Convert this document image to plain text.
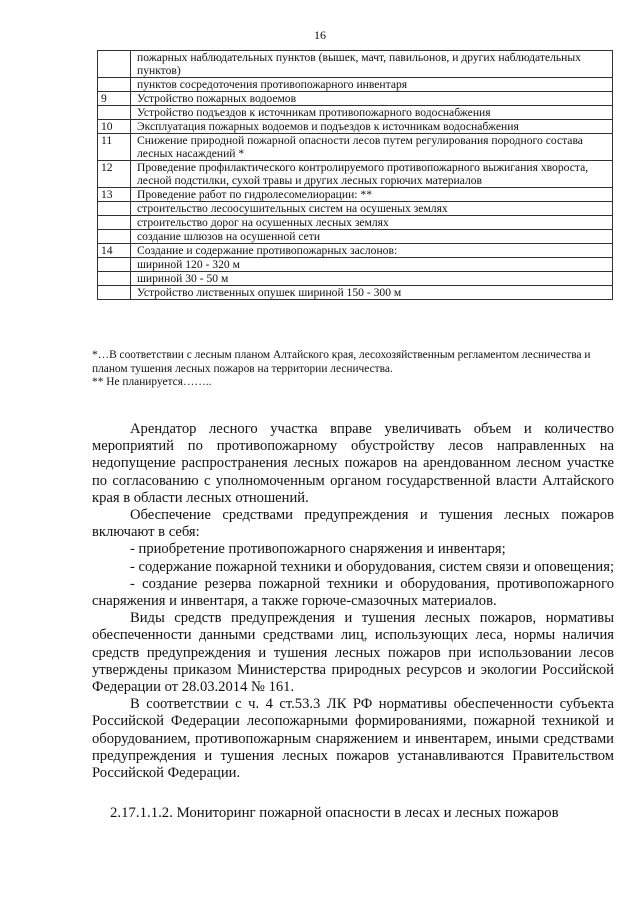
16
	пожарных наблюдательных пунктов (вышек, мачт, павильонов, и других наблюдательных пунктов)
	пунктов сосредоточения противопожарного инвентаря
9	Устройство пожарных водоемов
	Устройство подъездов к источникам противопожарного водоснабжения
10	Эксплуатация пожарных водоемов и подъездов к источникам водоснабжения
11	Снижение природной пожарной опасности лесов путем регулирования породного состава лесных насаждений *
12	Проведение профилактического контролируемого противопожарного выжигания хвороста, лесной подстилки, сухой травы и других лесных горючих материалов
13	Проведение работ по гидролесомелиорации: **
	строительство лесоосушительных систем на осушеных землях
	строительство дорог на осушенных лесных землях
	создание шлюзов на осушенной сети
14	Создание и содержание противопожарных заслонов:
	шириной 120 - 320 м
	шириной 30 - 50 м
	Устройство лиственных опушек шириной 150 - 300 м

*…В соответствии с лесным планом Алтайского края, лесохозяйственным регламентом лесничества и планом тушения лесных пожаров на территории лесничества.

** Не планируется……..

Арендатор лесного участка вправе увеличивать объем и количество мероприятий по противопожарному обустройству лесов направленных на недопущение распространения лесных пожаров на арендованном лесном участке по согласованию с уполномоченным органом государственной власти Алтайского края в области лесных отношений.

Обеспечение средствами предупреждения и тушения лесных пожаров включают в себя:

- приобретение противопожарного снаряжения и инвентаря;

- содержание пожарной техники и оборудования, систем связи и оповещения;

- создание резерва пожарной техники и оборудования, противопожарного снаряжения и инвентаря, а также горюче-смазочных материалов.

Виды средств предупреждения и тушения лесных пожаров, нормативы обеспеченности данными средствами лиц, использующих леса, нормы наличия средств предупреждения и тушения лесных пожаров при использовании лесов утверждены приказом Министерства природных ресурсов и экологии Российской Федерации от 28.03.2014 № 161.

В соответствии с ч. 4 ст.53.3 ЛК РФ нормативы обеспеченности субъекта Российской Федерации лесопожарными формированиями, пожарной техникой и оборудованием, противопожарным снаряжением и инвентарем, иными средствами предупреждения и тушения лесных пожаров устанавливаются Правительством Российской Федерации.

2.17.1.1.2. Мониторинг пожарной опасности в лесах и лесных пожаров
